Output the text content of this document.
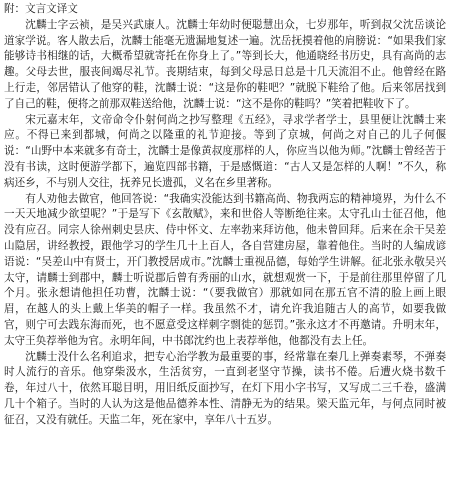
附：文言文译文

沈麟士字云祯，是吴兴武康人。沈麟士年幼时便聪慧出众，七岁那年，听到叔父沈岳谈论道家学说。客人散去后，沈麟士能毫无遗漏地复述一遍。沈岳抚摸着他的肩膀说：“如果我们家能够诗书相继的话，大概希望就寄托在你身上了。”等到长大，他通晓经书历史，具有高尚的志趣。父母去世，服丧间竭尽礼节。丧期结束，每到父母忌日总是十几天流泪不止。他曾经在路上行走，邻居错认了他穿的鞋，沈麟士说：“这是你的鞋吧？”就脱下鞋给了他。后来邻居找到了自己的鞋，便将之前那双鞋送给他，沈麟士说：“这不是你的鞋吗？”笑着把鞋收下了。

宋元嘉末年，文帝命令仆射何尚之抄写整理《五经》，寻求学者学士，县里便让沈麟士来应。不得已来到都城，何尚之以隆重的礼节迎接。等到了京城，何尚之对自己的儿子何偃说：“山野中本来就多有奇士，沈麟士是像黄叔度那样的人，你应当以他为师。”沈麟士曾经苦于没有书读，这时便游学都下，遍览四部书籍，于是感慨道：“古人又是怎样的人啊！”不久，称病还乡，不与别人交往，抚养兄长遗孤，义名在乡里著称。

有人劝他去做官，他回答说：“我确实没能达到书籍高尚、物我两忘的精神境界，为什么不一天天地减少欲望呢？”于是写下《玄散赋》，来和世俗人等断绝往来。太守孔山士征召他，他没有应召。同宗人徐州刺史昙庆、侍中怀文、左率勃来拜访他，他未曾回拜。后来在余干吴差山隐居，讲经教授，跟他学习的学生几十上百人，各自营建房屋，靠着他住。当时的人编成谚语说：“吴差山中有贤士，开门教授居成市。”沈麟士重视品德，每始学生讲解。征北张永敬吴兴太守，请麟士到郡中，麟士听说郡后曾有秀丽的山水，就想观赏一下，于是前往那里停留了几个月。张永想请他担任功曹，沈麟士说：“（要我做官）那就如同在那五官不清的脸上画上眼眉，在越人的头上戴上华美的帽子一样。我虽然不才，请允许我追随古人的高节，如要我做官，则宁可去践东海而死，也不愿意受这样刺字剽徙的惩罚。”张永这才不再邀请。升明末年，太守王奂荐举他为官。永明年间，中书郎沈约也上表荐举他，他都没有去上任。

沈麟士没什么名利追求，把专心治学教为最重要的事，经常靠在秦几上弹奏素琴，不弹奏时人流行的音乐。他穿柴汲水，生活贫穷，一直到老坚守节操，读书不倦。后遭火烧书数千卷，年过八十，依然耳聪目明，用旧纸反面抄写，在灯下用小字书写，又写成二三千卷，盛满几十个箱子。当时的人认为这是他品德养本性、清静无为的结果。梁天监元年，与何点同时被征召，又没有就任。天监二年，死在家中，享年八十五岁。
